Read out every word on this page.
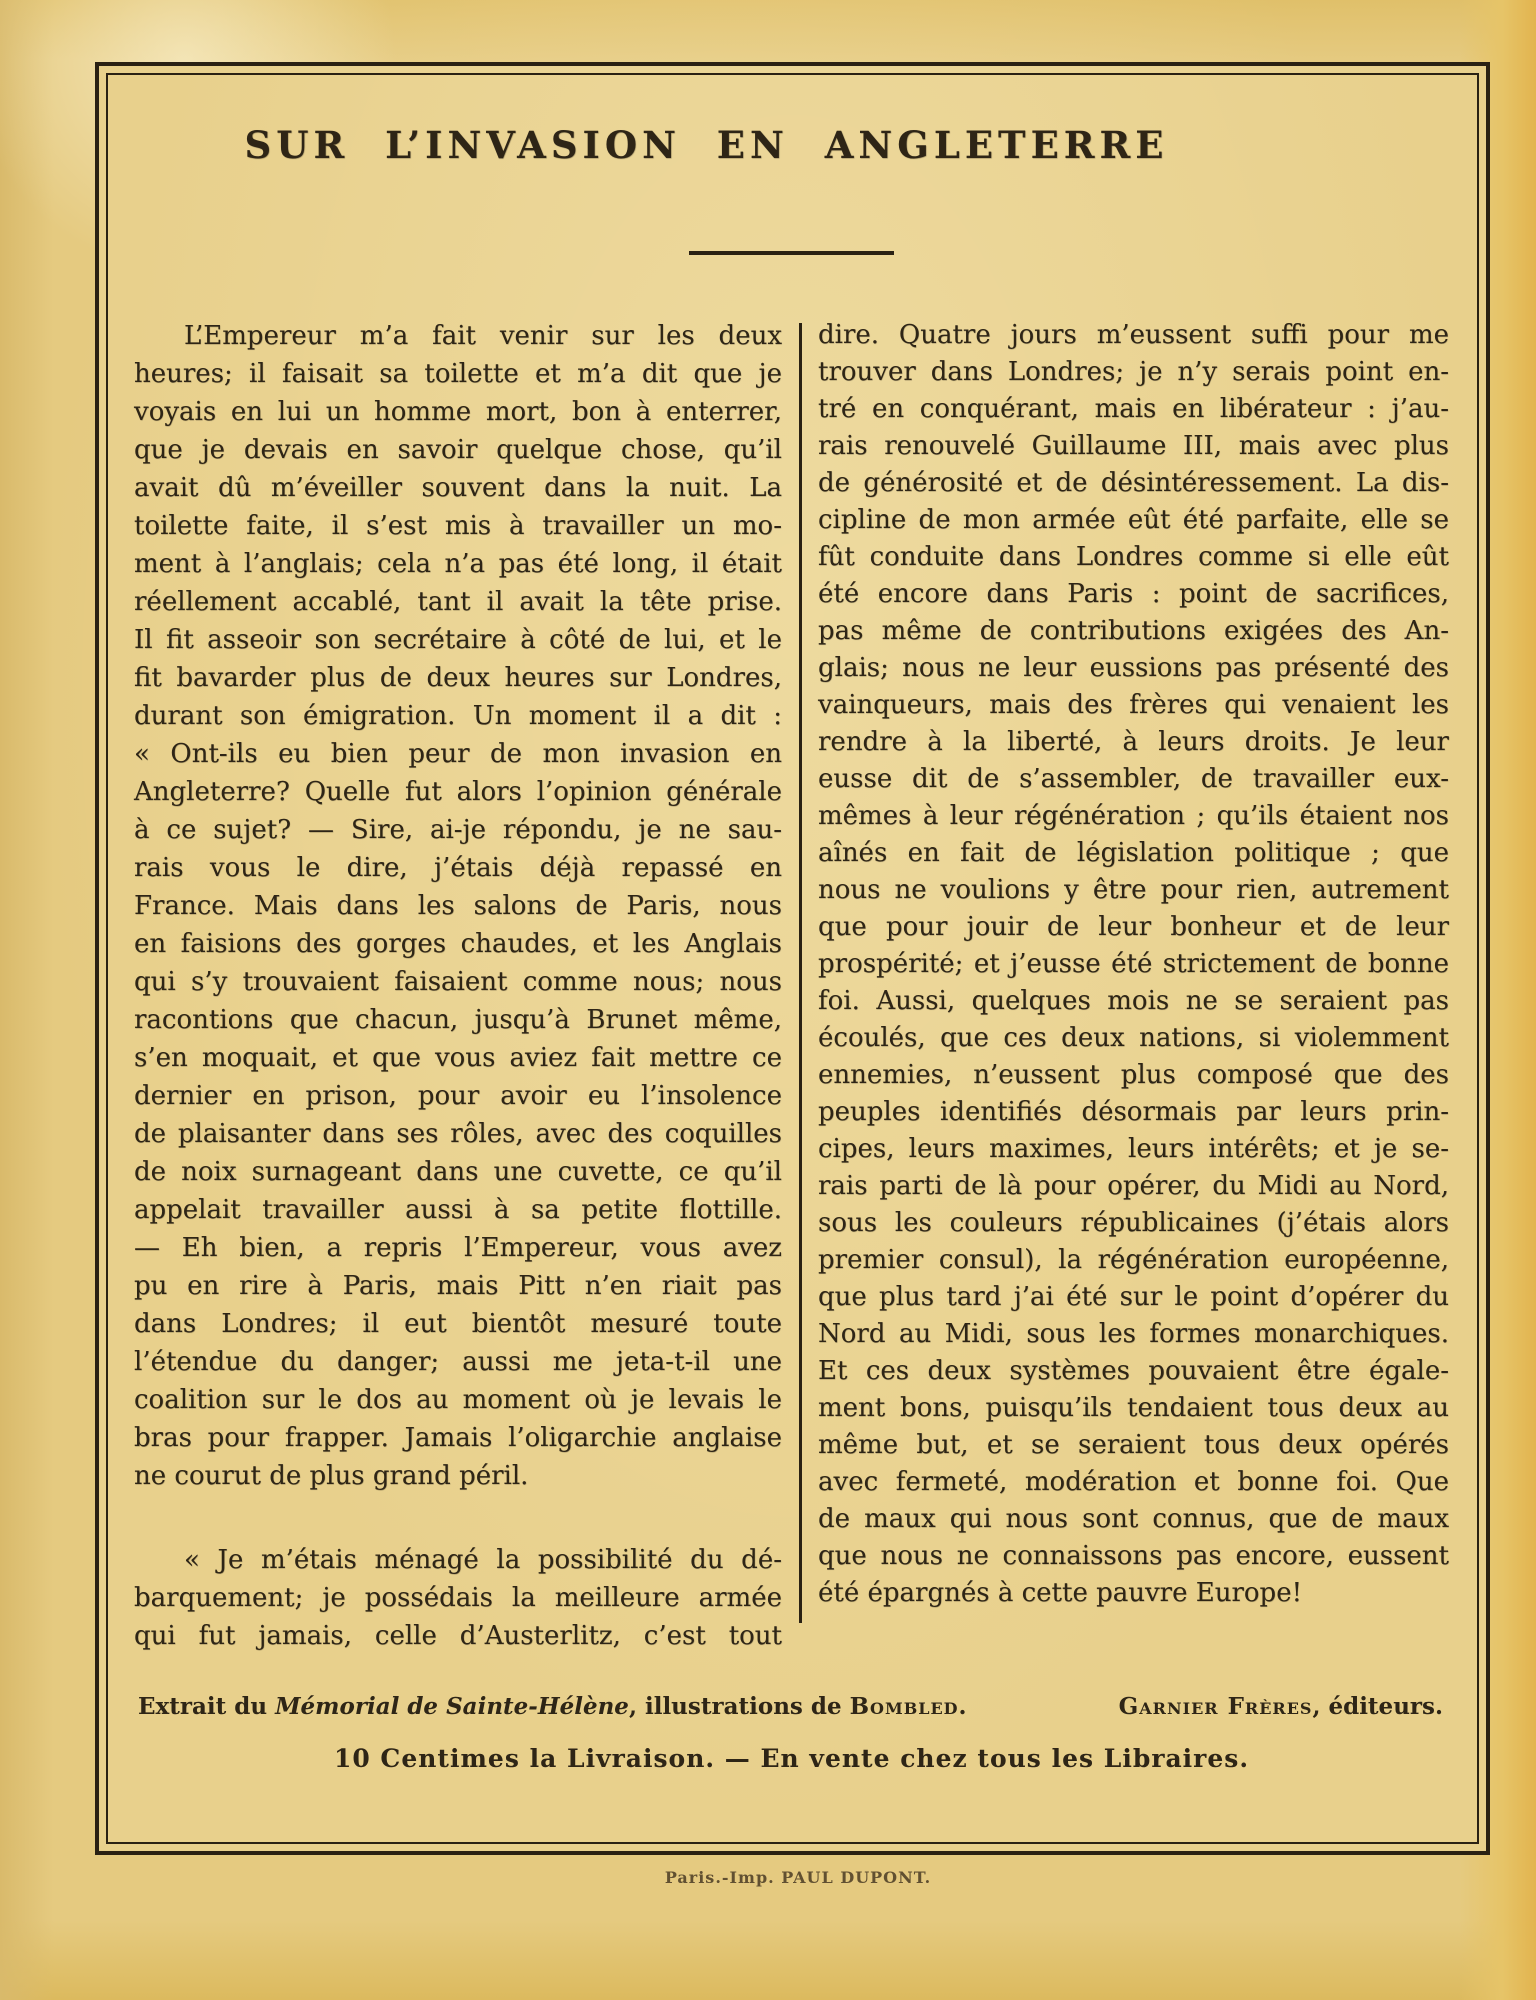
SUR L’INVASION EN ANGLETERRE
L’Empereur m’a fait venir sur les deux
heures; il faisait sa toilette et m’a dit que je
voyais en lui un homme mort, bon à enterrer,
que je devais en savoir quelque chose, qu’il
avait dû m’éveiller souvent dans la nuit. La
toilette faite, il s’est mis à travailler un mo-
ment à l’anglais; cela n’a pas été long, il était
réellement accablé, tant il avait la tête prise.
Il fit asseoir son secrétaire à côté de lui, et le
fit bavarder plus de deux heures sur Londres,
durant son émigration. Un moment il a dit :
« Ont-ils eu bien peur de mon invasion en
Angleterre? Quelle fut alors l’opinion générale
à ce sujet? — Sire, ai-je répondu, je ne sau-
rais vous le dire, j’étais déjà repassé en
France. Mais dans les salons de Paris, nous
en faisions des gorges chaudes, et les Anglais
qui s’y trouvaient faisaient comme nous; nous
racontions que chacun, jusqu’à Brunet même,
s’en moquait, et que vous aviez fait mettre ce
dernier en prison, pour avoir eu l’insolence
de plaisanter dans ses rôles, avec des coquilles
de noix surnageant dans une cuvette, ce qu’il
appelait travailler aussi à sa petite flottille.
— Eh bien, a repris l’Empereur, vous avez
pu en rire à Paris, mais Pitt n’en riait pas
dans Londres; il eut bientôt mesuré toute
l’étendue du danger; aussi me jeta-t-il une
coalition sur le dos au moment où je levais le
bras pour frapper. Jamais l’oligarchie anglaise
ne courut de plus grand péril.
« Je m’étais ménagé la possibilité du dé-
barquement; je possédais la meilleure armée
qui fut jamais, celle d’Austerlitz, c’est tout
dire. Quatre jours m’eussent suffi pour me
trouver dans Londres; je n’y serais point en-
tré en conquérant, mais en libérateur : j’au-
rais renouvelé Guillaume III, mais avec plus
de générosité et de désintéressement. La dis-
cipline de mon armée eût été parfaite, elle se
fût conduite dans Londres comme si elle eût
été encore dans Paris : point de sacrifices,
pas même de contributions exigées des An-
glais; nous ne leur eussions pas présenté des
vainqueurs, mais des frères qui venaient les
rendre à la liberté, à leurs droits. Je leur
eusse dit de s’assembler, de travailler eux-
mêmes à leur régénération ; qu’ils étaient nos
aînés en fait de législation politique ; que
nous ne voulions y être pour rien, autrement
que pour jouir de leur bonheur et de leur
prospérité; et j’eusse été strictement de bonne
foi. Aussi, quelques mois ne se seraient pas
écoulés, que ces deux nations, si violemment
ennemies, n’eussent plus composé que des
peuples identifiés désormais par leurs prin-
cipes, leurs maximes, leurs intérêts; et je se-
rais parti de là pour opérer, du Midi au Nord,
sous les couleurs républicaines (j’étais alors
premier consul), la régénération européenne,
que plus tard j’ai été sur le point d’opérer du
Nord au Midi, sous les formes monarchiques.
Et ces deux systèmes pouvaient être égale-
ment bons, puisqu’ils tendaient tous deux au
même but, et se seraient tous deux opérés
avec fermeté, modération et bonne foi. Que
de maux qui nous sont connus, que de maux
que nous ne connaissons pas encore, eussent
été épargnés à cette pauvre Europe!
Extrait du Mémorial de Sainte-Hélène, illustrations de Bombled.	Garnier Frères, éditeurs.
10 Centimes la Livraison. — En vente chez tous les Libraires.
Paris.-Imp. PAUL DUPONT.
